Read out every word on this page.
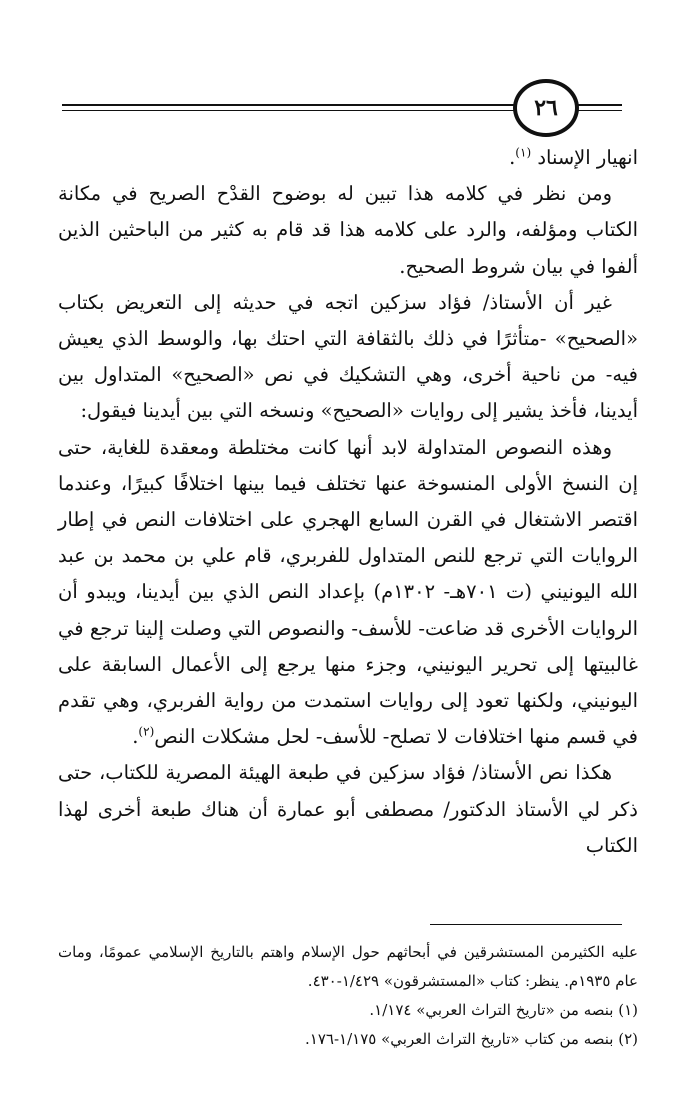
٢٦

انهيار الإسناد $^{(١)}$.

ومن نظر في كلامه هذا تبين له بوضوح القدْح الصريح في مكانة الكتاب ومؤلفه، والرد على كلامه هذا قد قام به كثير من الباحثين الذين ألفوا في بيان شروط الصحيح.

غير أن الأستاذ/ فؤاد سزكين اتجه في حديثه إلى التعريض بكتاب «الصحيح» -متأثرًا في ذلك بالثقافة التي احتك بها، والوسط الذي يعيش فيه- من ناحية أخرى، وهي التشكيك في نص «الصحيح» المتداول بين أيدينا، فأخذ يشير إلى روايات «الصحيح» ونسخه التي بين أيدينا فيقول:

وهذه النصوص المتداولة لابد أنها كانت مختلطة ومعقدة للغاية، حتى إن النسخ الأولى المنسوخة عنها تختلف فيما بينها اختلافًا كبيرًا، وعندما اقتصر الاشتغال في القرن السابع الهجري على اختلافات النص في إطار الروايات التي ترجع للنص المتداول للفربري، قام علي بن محمد بن عبد الله اليونيني (ت ٧٠١هـ- ١٣٠٢م) بإعداد النص الذي بين أيدينا، ويبدو أن الروايات الأخرى قد ضاعت- للأسف- والنصوص التي وصلت إلينا ترجع في غالبيتها إلى تحرير اليونيني، وجزء منها يرجع إلى الأعمال السابقة على اليونيني، ولكنها تعود إلى روايات استمدت من رواية الفربري، وهي تقدم في قسم منها اختلافات لا تصلح- للأسف- لحل مشكلات النص$^{(٢)}$.

هكذا نص الأستاذ/ فؤاد سزكين في طبعة الهيئة المصرية للكتاب، حتى ذكر لي الأستاذ الدكتور/ مصطفى أبو عمارة أن هناك طبعة أخرى لهذا الكتاب

عليه الكثيرمن المستشرقين في أبحاثهم حول الإسلام واهتم بالتاريخ الإسلامي عمومًا، ومات عام ١٩٣٥م. ينظر: كتاب «المستشرقون» ١/٤٢٩-٤٣٠.

(١) بنصه من «تاريخ التراث العربي» ١/١٧٤.

(٢) بنصه من كتاب «تاريخ التراث العربي» ١/١٧٥-١٧٦.
